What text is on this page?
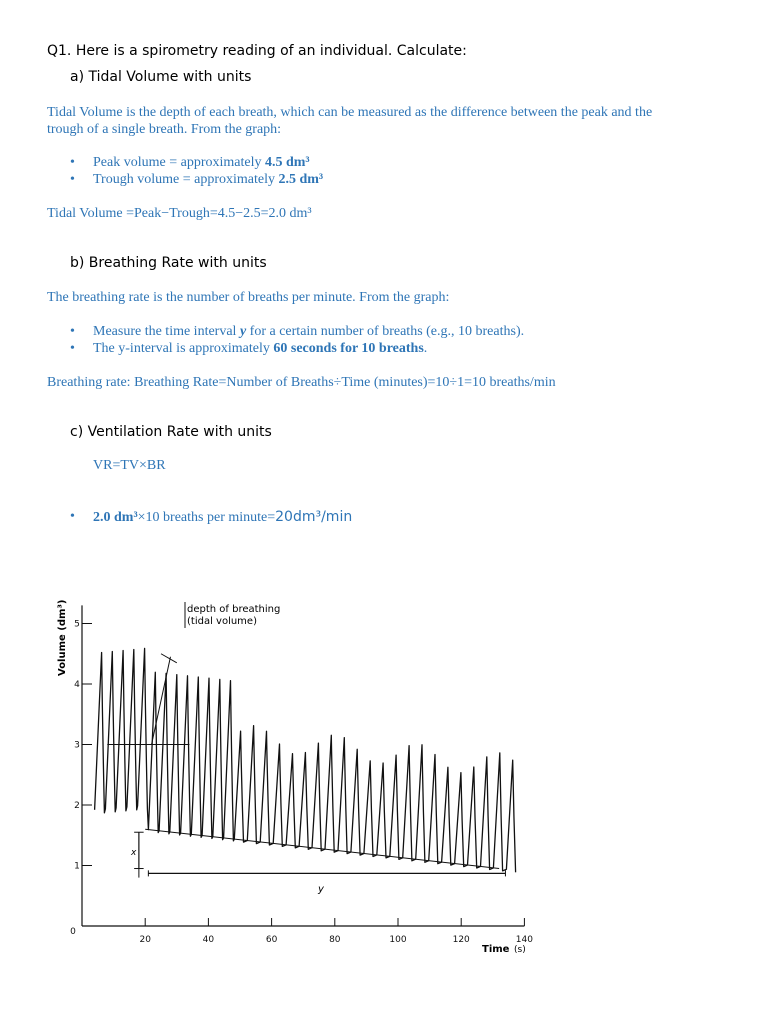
Q1. Here is a spirometry reading of an individual. Calculate:
a) Tidal Volume with units
Tidal Volume is the depth of each breath, which can be measured as the difference between the peak and the
trough of a single breath. From the graph:
• Peak volume = approximately 4.5 dm³
• Trough volume = approximately 2.5 dm³
Tidal Volume =Peak−Trough=4.5−2.5=2.0 dm³
b) Breathing Rate with units
The breathing rate is the number of breaths per minute. From the graph:
• Measure the time interval y for a certain number of breaths (e.g., 10 breaths).
• The y-interval is approximately 60 seconds for 10 breaths.
Breathing rate: Breathing Rate=Number of Breaths÷Time (minutes)=10÷1=10 breaths/min
c) Ventilation Rate with units
VR=TV×BR
• 2.0 dm³×10 breaths per minute=20dm³/min
Volume (dm³)
Time (s)
depth of breathing
(tidal volume)
x
y
0
1
2
3
4
5
20	40	60	80	100	120	140
